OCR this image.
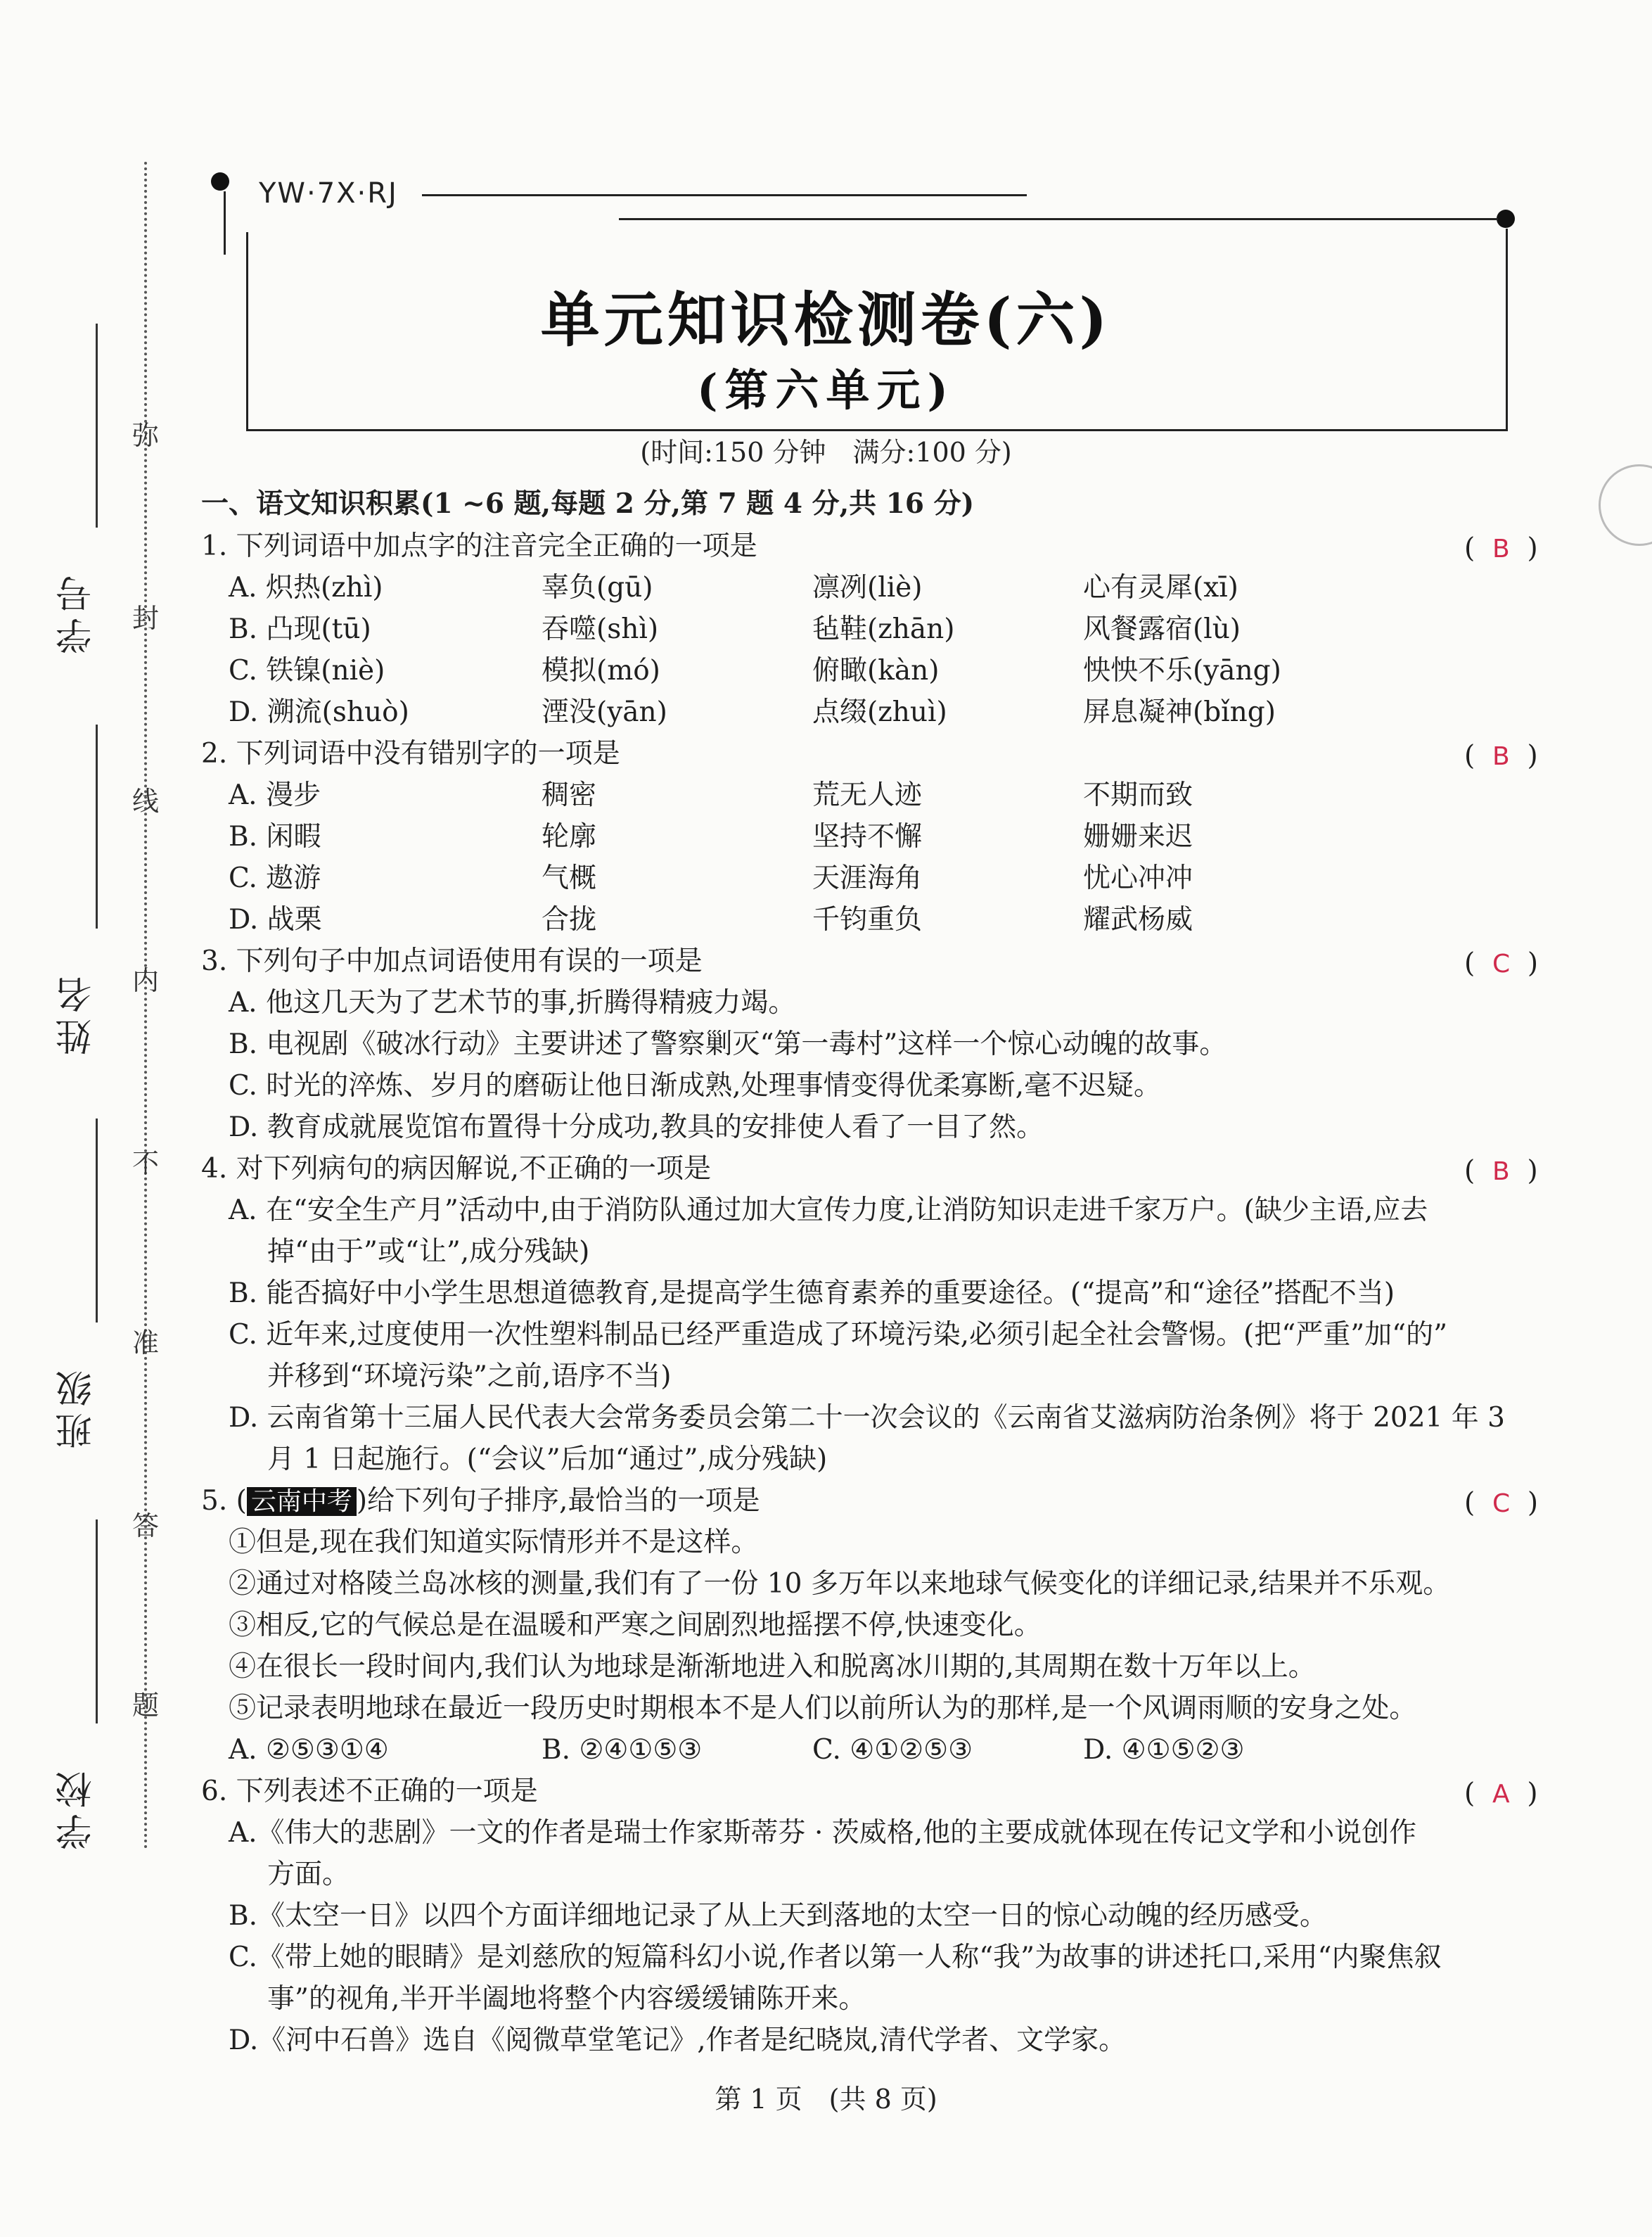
弥
封
线
内
不
准
答
题
学号
姓名
班级
学校
YW·7X·RJ
单元知识检测卷(六)
(第六单元)
(时间:150 分钟　满分:100 分)
一、语文知识积累(1 ~6 题,每题 2 分,第 7 题 4 分,共 16 分)
1. 下列词语中加点字的注音完全正确的一项是	( B )
A. 炽热(zhì)	辜负(gū)	凛冽(liè)	心有灵犀(xī)
B. 凸现(tū)	吞噬(shì)	毡鞋(zhān)	风餐露宿(lù)
C. 铁镍(niè)	模拟(mó)	俯瞰(kàn)	怏怏不乐(yāng)
D. 溯流(shuò)	湮没(yān)	点缀(zhuì)	屏息凝神(bǐng)
2. 下列词语中没有错别字的一项是	( B )
A. 漫步	稠密	荒无人迹	不期而致
B. 闲暇	轮廓	坚持不懈	姗姗来迟
C. 遨游	气概	天涯海角	忧心冲冲
D. 战栗	合拢	千钧重负	耀武杨威
3. 下列句子中加点词语使用有误的一项是	( C )
A. 他这几天为了艺术节的事,折腾得精疲力竭。
B. 电视剧《破冰行动》主要讲述了警察剿灭“第一毒村”这样一个惊心动魄的故事。
C. 时光的淬炼、岁月的磨砺让他日渐成熟,处理事情变得优柔寡断,毫不迟疑。
D. 教育成就展览馆布置得十分成功,教具的安排使人看了一目了然。
4. 对下列病句的病因解说,不正确的一项是	( B )
A. 在“安全生产月”活动中,由于消防队通过加大宣传力度,让消防知识走进千家万户。(缺少主语,应去
掉“由于”或“让”,成分残缺)
B. 能否搞好中小学生思想道德教育,是提高学生德育素养的重要途径。(“提高”和“途径”搭配不当)
C. 近年来,过度使用一次性塑料制品已经严重造成了环境污染,必须引起全社会警惕。(把“严重”加“的”
并移到“环境污染”之前,语序不当)
D. 云南省第十三届人民代表大会常务委员会第二十一次会议的《云南省艾滋病防治条例》将于 2021 年 3
月 1 日起施行。(“会议”后加“通过”,成分残缺)
5. ( 云南中考 )给下列句子排序,最恰当的一项是	( C )
①但是,现在我们知道实际情形并不是这样。
②通过对格陵兰岛冰核的测量,我们有了一份 10 多万年以来地球气候变化的详细记录,结果并不乐观。
③相反,它的气候总是在温暖和严寒之间剧烈地摇摆不停,快速变化。
④在很长一段时间内,我们认为地球是渐渐地进入和脱离冰川期的,其周期在数十万年以上。
⑤记录表明地球在最近一段历史时期根本不是人们以前所认为的那样,是一个风调雨顺的安身之处。
A. ②⑤③①④	B. ②④①⑤③	C. ④①②⑤③	D. ④①⑤②③
6. 下列表述不正确的一项是	( A )
A.《伟大的悲剧》一文的作者是瑞士作家斯蒂芬 · 茨威格,他的主要成就体现在传记文学和小说创作
方面。
B.《太空一日》以四个方面详细地记录了从上天到落地的太空一日的惊心动魄的经历感受。
C.《带上她的眼睛》是刘慈欣的短篇科幻小说,作者以第一人称“我”为故事的讲述托口,采用“内聚焦叙
事”的视角,半开半阖地将整个内容缓缓铺陈开来。
D.《河中石兽》选自《阅微草堂笔记》,作者是纪晓岚,清代学者、文学家。
第 1 页　(共 8 页)
